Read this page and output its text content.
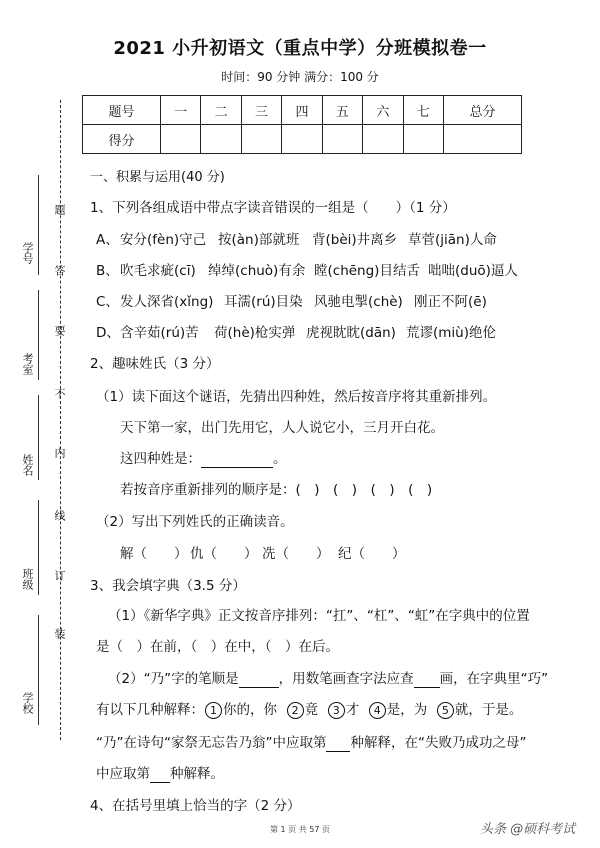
2021 小升初语文（重点中学）分班模拟卷一
时间：90 分钟 满分：100 分
题号	一	二	三	四	五	六	七	总分
得分								
题
答
要
不
内
线
订
装
学号
考室
姓名
班级
学校
一、积累与运用(40 分)
1、下列各组成语中带点字读音错误的一组是（　　）（1 分）
A、 安分(fèn)守己 按(àn)部就班 背(bèi)井离乡 草菅(jiān)人命
B、 吹毛求疵(cī) 绰绰(chuò)有余 瞠(chēng)目结舌 咄咄(duō)逼人
C、 发人深省(xǐng) 耳濡(rú)目染 风驰电掣(chè) 刚正不阿(ē)
D、 含辛茹(rú)苦 荷(hè)枪实弹 虎视眈眈(dān) 荒谬(miù)绝伦
2、趣味姓氏（3 分）
（1）读下面这个谜语，先猜出四种姓，然后按音序将其重新排列。
天下第一家，出门先用它，人人说它小，三月开白花。
这四种姓是：	。
若按音序重新排列的顺序是：(　)　(　)　(　)　(　)
（2）写出下列姓氏的正确读音。
解（　　） 仇（　　） 冼（　　） 纪（　　）
3、我会填字典（3.5 分）
（1）《新华字典》正文按音序排列：“扛”、“杠”、“虹”在字典中的位置
是（　）在前，（　）在中，（　）在后。
（2）“乃”字的笔顺是	，用数笔画查字法应查 画，在字典里“巧”
有以下几种解释： 1 你的，你 2 竟 3 才 4 是，为 5 就，于是。
“乃”在诗句“家祭无忘告乃翁”中应取第 种解释，在“失败乃成功之母”
中应取第 种解释。
4、在括号里填上恰当的字（2 分）
第 1 页 共 57 页	头条 @硕科考试
